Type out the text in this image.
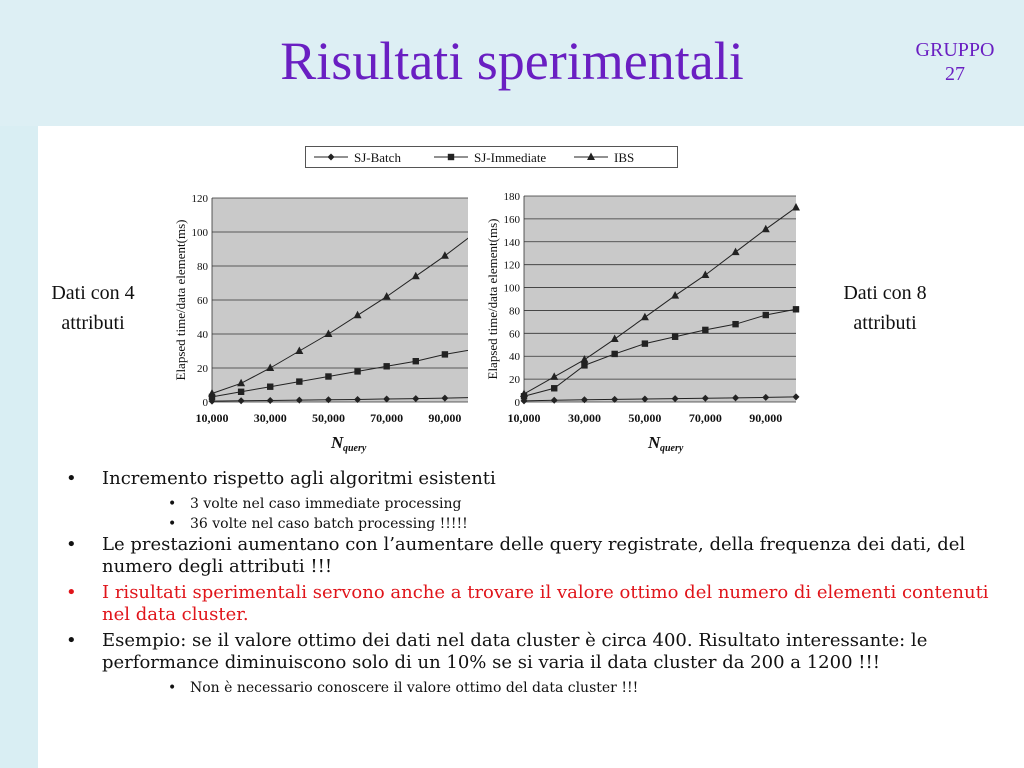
Risultati sperimentali	GRUPPO
27
Dati con 4
attributi
Dati con 8
attributi
SJ-Batch	SJ-Immediate	IBS
0
20
40
60
80
100
120
10,000 30,000 50,000 70,000 90,000
N query
Elapsed time/data element(ms)
0
20
40
60
80
100
120
140
160
180
10,000 30,000 50,000 70,000 90,000
N query
Elapsed time/data element(ms)
• Incremento rispetto agli algoritmi esistenti
• 3 volte nel caso immediate processing
• 36 volte nel caso batch processing !!!!!
• Le prestazioni aumentano con l’aumentare delle query registrate, della frequenza dei dati, del numero degli attributi !!!
• I risultati sperimentali servono anche a trovare il valore ottimo del numero di elementi contenuti nel data cluster.
• Esempio: se il valore ottimo dei dati nel data cluster è circa 400. Risultato interessante: le performance diminuiscono solo di un 10% se si varia il data cluster da 200 a 1200 !!!
• Non è necessario conoscere il valore ottimo del data cluster !!!
